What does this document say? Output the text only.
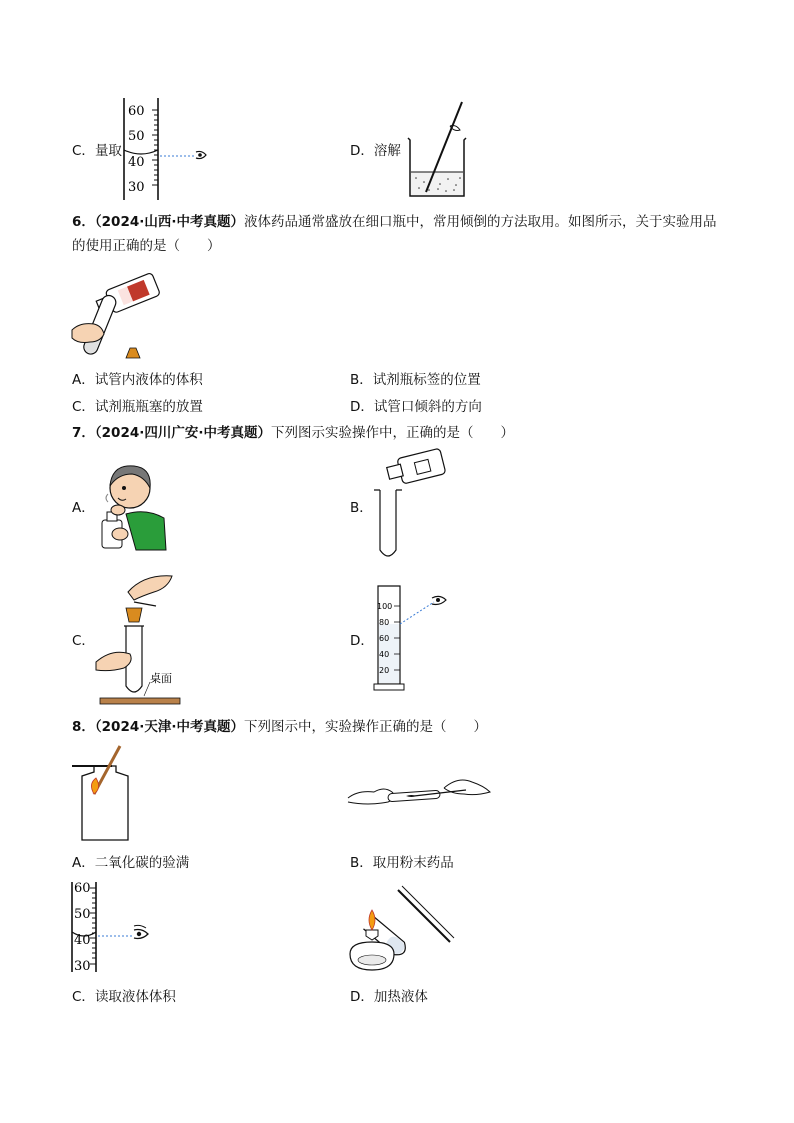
C．量取
60
50
40
30
D．溶解
6．（2024·山西·中考真题）液体药品通常盛放在细口瓶中，常用倾倒的方法取用。如图所示，关于实验用品
的使用正确的是（　　）
A．试管内液体的体积	B．试剂瓶标签的位置
C．试剂瓶瓶塞的放置	D．试管口倾斜的方向
7．（2024·四川广安·中考真题）下列图示实验操作中，正确的是（　　）
A．	B．
C．
桌面
D．
100
80
60
40
20
8．（2024·天津·中考真题）下列图示中，实验操作正确的是（　　）
A．二氧化碳的验满	B．取用粉末药品
60
50
40
30
C．读取液体体积	D．加热液体
